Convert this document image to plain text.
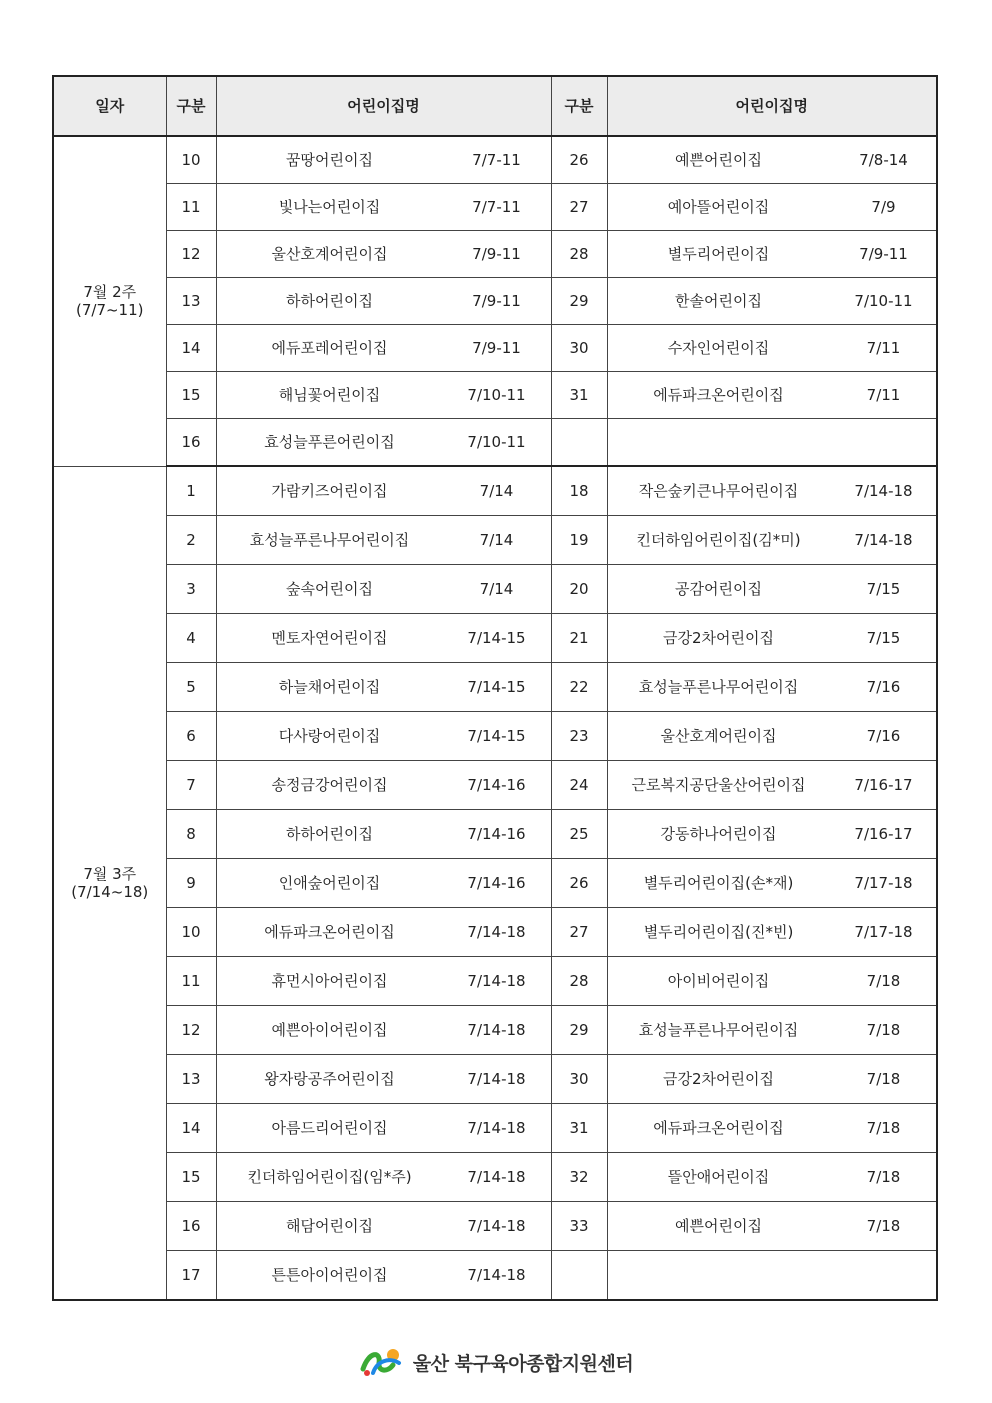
일자	구분	어린이집명	구분	어린이집명
7월 2주
(7/7~11)	10	꿈땅어린이집 7/7-11	26	예쁜어린이집 7/8-14

	11	빛나는어린이집 7/7-11	27	예아뜰어린이집 7/9

	12	울산호계어린이집 7/9-11	28	별두리어린이집 7/9-11

	13	하하어린이집 7/9-11	29	한솔어린이집 7/10-11

	14	에듀포레어린이집 7/9-11	30	수자인어린이집 7/11

	15	해님꽃어린이집 7/10-11	31	에듀파크온어린이집 7/11

	16	효성늘푸른어린이집 7/10-11		

7월 3주
(7/14~18)	1	가람키즈어린이집 7/14	18	작은숲키큰나무어린이집 7/14-18

	2	효성늘푸른나무어린이집 7/14	19	킨더하임어린이집(김*미) 7/14-18

	3	숲속어린이집 7/14	20	공감어린이집 7/15

	4	멘토자연어린이집 7/14-15	21	금강2차어린이집 7/15

	5	하늘채어린이집 7/14-15	22	효성늘푸른나무어린이집 7/16

	6	다사랑어린이집 7/14-15	23	울산호계어린이집 7/16

	7	송정금강어린이집 7/14-16	24	근로복지공단울산어린이집 7/16-17

	8	하하어린이집 7/14-16	25	강동하나어린이집 7/16-17

	9	인애숲어린이집 7/14-16	26	별두리어린이집(손*재) 7/17-18

	10	에듀파크온어린이집 7/14-18	27	별두리어린이집(진*빈) 7/17-18

	11	휴먼시아어린이집 7/14-18	28	아이비어린이집 7/18

	12	예쁜아이어린이집 7/14-18	29	효성늘푸른나무어린이집 7/18

	13	왕자랑공주어린이집 7/14-18	30	금강2차어린이집 7/18

	14	아름드리어린이집 7/14-18	31	에듀파크온어린이집 7/18

	15	킨더하임어린이집(임*주) 7/14-18	32	뜰안애어린이집 7/18

	16	해담어린이집 7/14-18	33	예쁜어린이집 7/18

	17	튼튼아이어린이집 7/14-18		

울산 북구육아종합지원센터
